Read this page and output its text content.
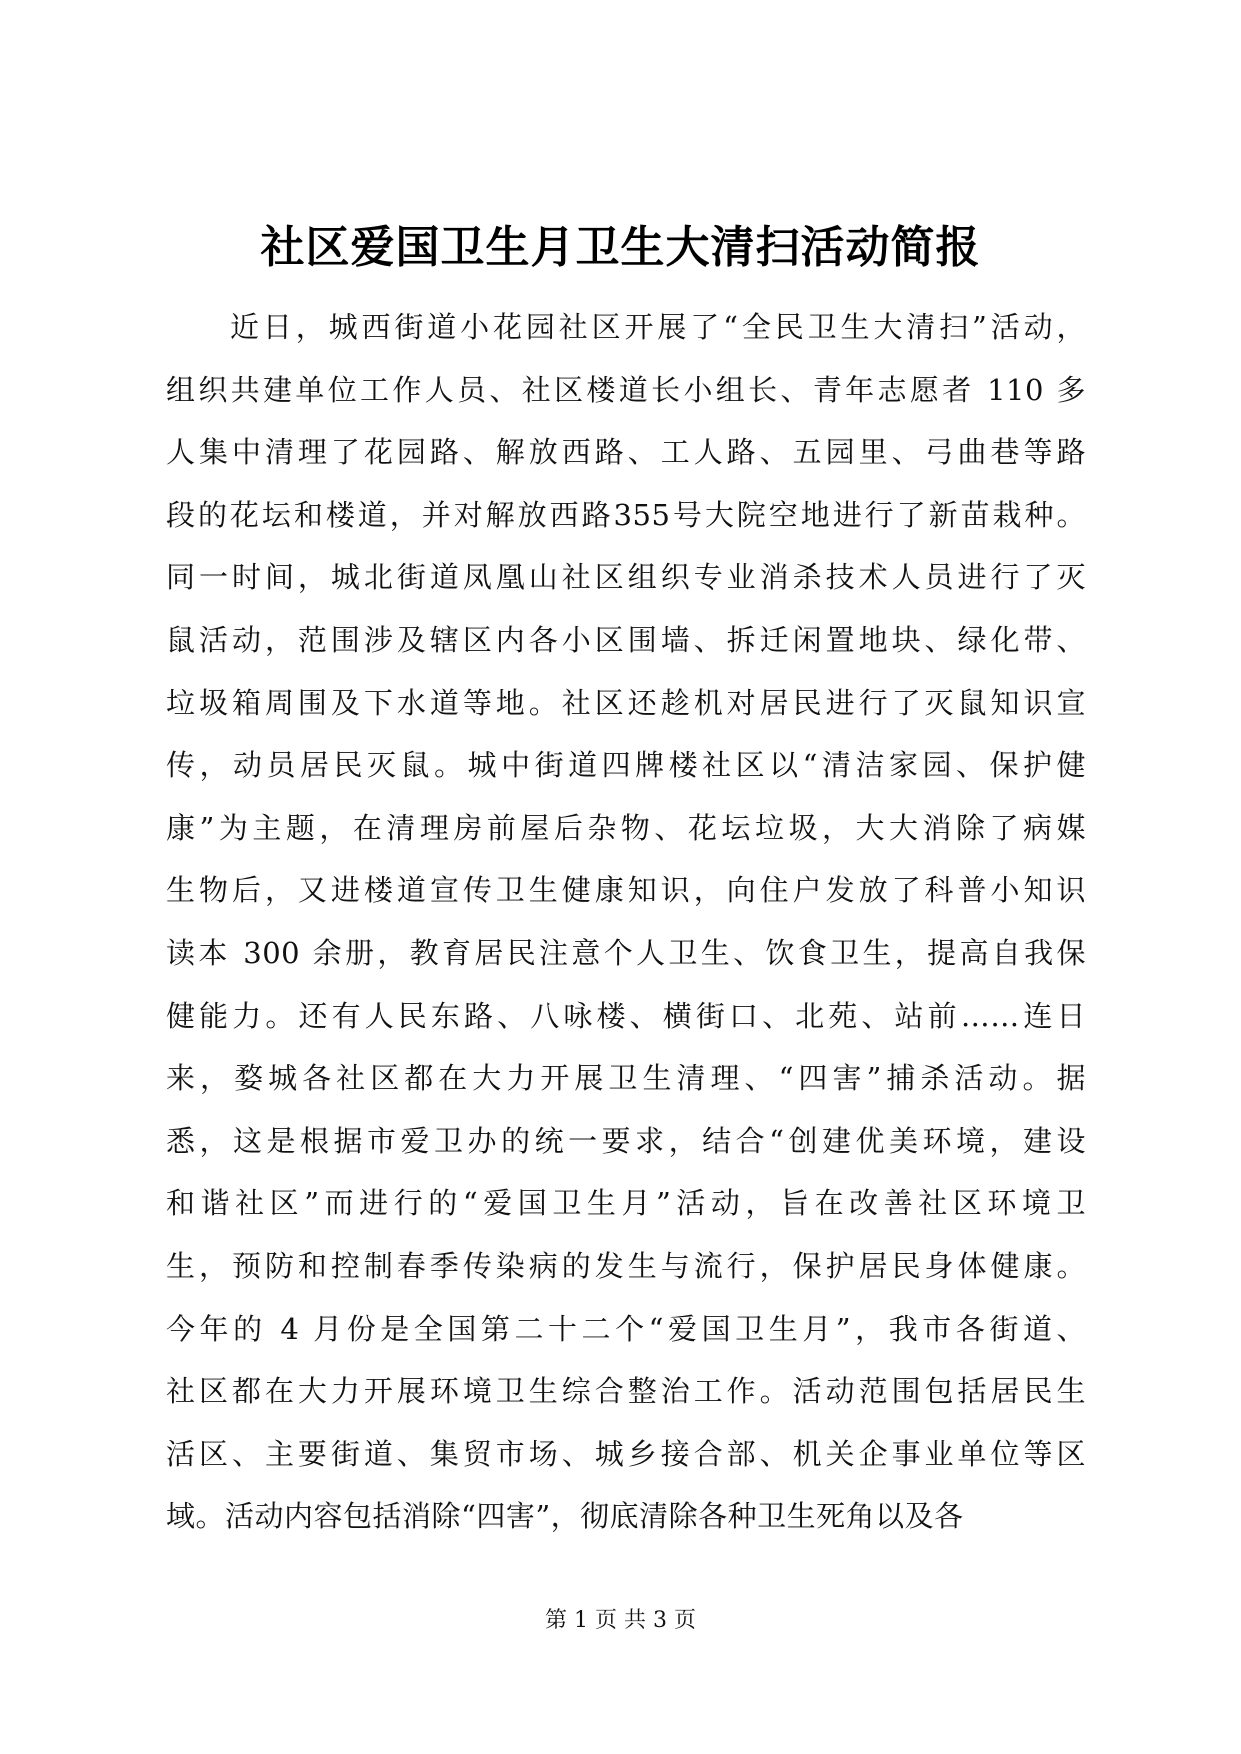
社区爱国卫生月卫生大清扫活动简报
近日，城西街道小花园社区开展了“全民卫生大清扫”活动，
组织共建单位工作人员、社区楼道长小组长、青年志愿者 110 多
人集中清理了花园路、解放西路、工人路、五园里、弓曲巷等路
段的花坛和楼道，并对解放西路355号大院空地进行了新苗栽种。
同一时间，城北街道凤凰山社区组织专业消杀技术人员进行了灭
鼠活动，范围涉及辖区内各小区围墙、拆迁闲置地块、绿化带、
垃圾箱周围及下水道等地。社区还趁机对居民进行了灭鼠知识宣
传，动员居民灭鼠。城中街道四牌楼社区以“清洁家园、保护健
康”为主题，在清理房前屋后杂物、花坛垃圾，大大消除了病媒
生物后，又进楼道宣传卫生健康知识，向住户发放了科普小知识
读本 300 余册，教育居民注意个人卫生、饮食卫生，提高自我保
健能力。还有人民东路、八咏楼、横街口、北苑、站前……连日
来，婺城各社区都在大力开展卫生清理、“四害”捕杀活动。据
悉，这是根据市爱卫办的统一要求，结合“创建优美环境，建设
和谐社区”而进行的“爱国卫生月”活动，旨在改善社区环境卫
生，预防和控制春季传染病的发生与流行，保护居民身体健康。
今年的 4 月份是全国第二十二个“爱国卫生月”，我市各街道、
社区都在大力开展环境卫生综合整治工作。活动范围包括居民生
活区、主要街道、集贸市场、城乡接合部、机关企事业单位等区
域。活动内容包括消除“四害”，彻底清除各种卫生死角以及各
第 1 页 共 3 页
